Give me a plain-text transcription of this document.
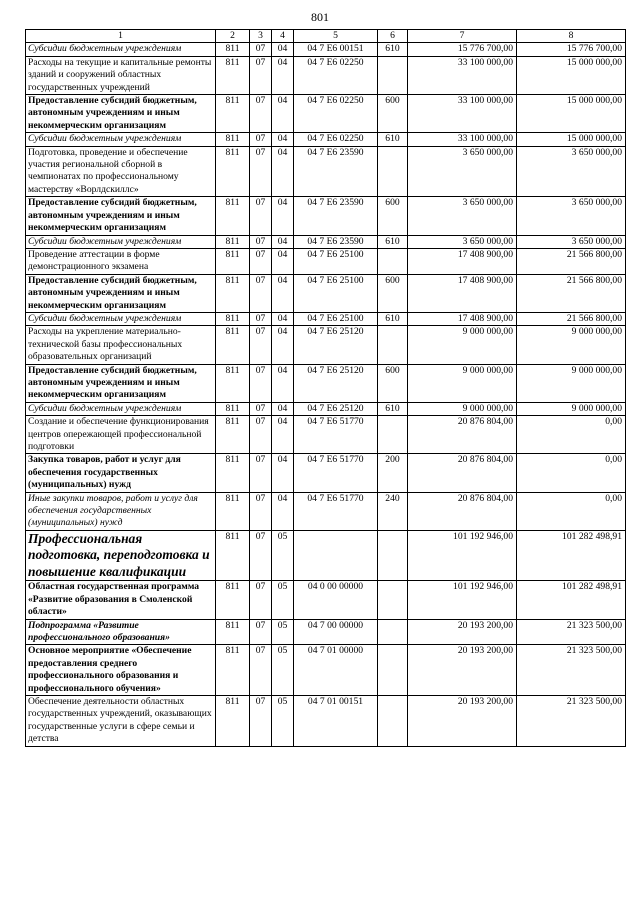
801
1	2	3	4	5	6	7	8
Субсидии бюджетным учреждениям	811	07	04	04 7 Е6 00151	610	15 776 700,00	15 776 700,00
Расходы на текущие и капитальные ремонты зданий и сооружений областных государственных учреждений	811	07	04	04 7 Е6 02250		33 100 000,00	15 000 000,00
Предоставление субсидий бюджетным, автономным учреждениям и иным некоммерческим организациям	811	07	04	04 7 Е6 02250	600	33 100 000,00	15 000 000,00
Субсидии бюджетным учреждениям	811	07	04	04 7 Е6 02250	610	33 100 000,00	15 000 000,00
Подготовка, проведение и обеспечение участия региональной сборной в чемпионатах по профессиональному мастерству «Ворлдскиллс»	811	07	04	04 7 Е6 23590		3 650 000,00	3 650 000,00
Предоставление субсидий бюджетным, автономным учреждениям и иным некоммерческим организациям	811	07	04	04 7 Е6 23590	600	3 650 000,00	3 650 000,00
Субсидии бюджетным учреждениям	811	07	04	04 7 Е6 23590	610	3 650 000,00	3 650 000,00
Проведение аттестации в форме демонстрационного экзамена	811	07	04	04 7 Е6 25100		17 408 900,00	21 566 800,00
Предоставление субсидий бюджетным, автономным учреждениям и иным некоммерческим организациям	811	07	04	04 7 Е6 25100	600	17 408 900,00	21 566 800,00
Субсидии бюджетным учреждениям	811	07	04	04 7 Е6 25100	610	17 408 900,00	21 566 800,00
Расходы на укрепление материально-технической базы профессиональных образовательных организаций	811	07	04	04 7 Е6 25120		9 000 000,00	9 000 000,00
Предоставление субсидий бюджетным, автономным учреждениям и иным некоммерческим организациям	811	07	04	04 7 Е6 25120	600	9 000 000,00	9 000 000,00
Субсидии бюджетным учреждениям	811	07	04	04 7 Е6 25120	610	9 000 000,00	9 000 000,00
Создание и обеспечение функционирования центров опережающей профессиональной подготовки	811	07	04	04 7 Е6 51770		20 876 804,00	0,00
Закупка товаров, работ и услуг для обеспечения государственных (муниципальных) нужд	811	07	04	04 7 Е6 51770	200	20 876 804,00	0,00
Иные закупки товаров, работ и услуг для обеспечения государственных (муниципальных) нужд	811	07	04	04 7 Е6 51770	240	20 876 804,00	0,00
Профессиональная подготовка, переподготовка и повышение квалификации	811	07	05			101 192 946,00	101 282 498,91
Областная государственная программа «Развитие образования в Смоленской области»	811	07	05	04 0 00 00000		101 192 946,00	101 282 498,91
Подпрограмма «Развитие профессионального образования»	811	07	05	04 7 00 00000		20 193 200,00	21 323 500,00
Основное мероприятие «Обеспечение предоставления среднего профессионального образования и профессионального обучения»	811	07	05	04 7 01 00000		20 193 200,00	21 323 500,00
Обеспечение деятельности областных государственных учреждений, оказывающих государственные услуги в сфере семьи и детства	811	07	05	04 7 01 00151		20 193 200,00	21 323 500,00
